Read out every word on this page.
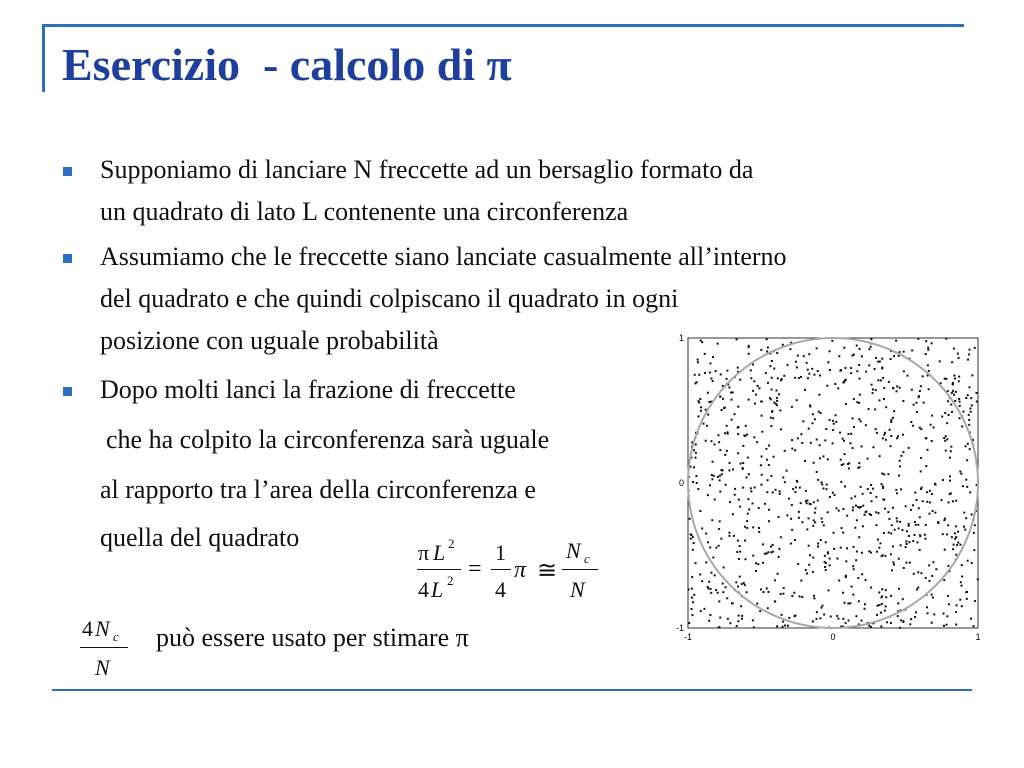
Esercizio  - calcolo di π
Supponiamo di lanciare N freccette ad un bersaglio formato da
un quadrato di lato L contenente una circonferenza
Assumiamo che le freccette siano lanciate casualmente all’interno
del quadrato e che quindi colpiscano il quadrato in ogni
posizione con uguale probabilità
Dopo molti lanci la frazione di freccette
che ha colpito la circonferenza sarà uguale
al rapporto tra l’area della circonferenza e
quella del quadrato
π L 2
4 L 2 =
1
4
π ≅
N c
N
4 N c
N
può essere usato per stimare π	-1	0	1
1
0
-1
